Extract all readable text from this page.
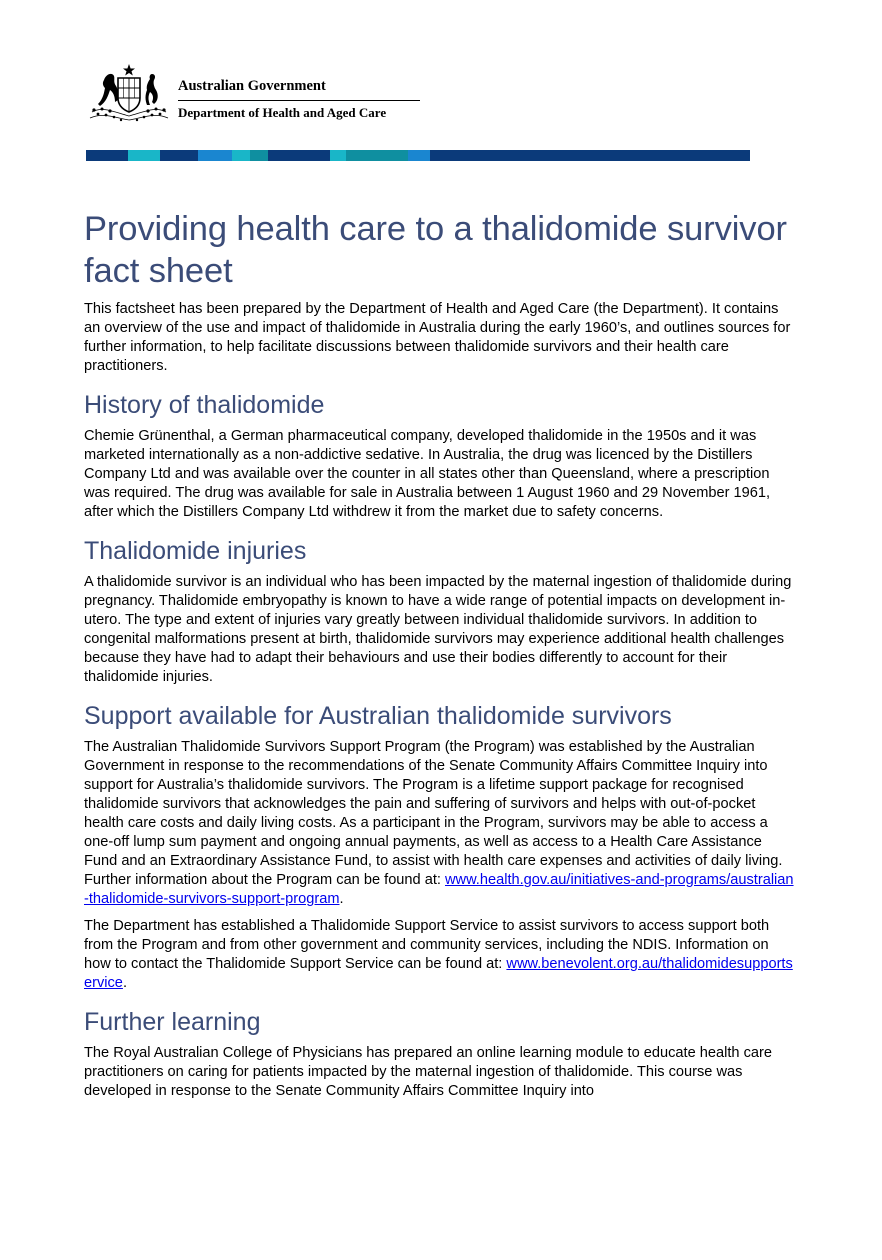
Australian Government
Department of Health and Aged Care
Providing health care to a thalidomide survivor fact sheet

This factsheet has been prepared by the Department of Health and Aged Care (the Department). It contains an overview of the use and impact of thalidomide in Australia during the early 1960’s, and outlines sources for further information, to help facilitate discussions between thalidomide survivors and their health care practitioners.

History of thalidomide

Chemie Grünenthal, a German pharmaceutical company, developed thalidomide in the 1950s and it was marketed internationally as a non-addictive sedative. In Australia, the drug was licenced by the Distillers Company Ltd and was available over the counter in all states other than Queensland, where a prescription was required. The drug was available for sale in Australia between 1 August 1960 and 29 November 1961, after which the Distillers Company Ltd withdrew it from the market due to safety concerns.

Thalidomide injuries

A thalidomide survivor is an individual who has been impacted by the maternal ingestion of thalidomide during pregnancy. Thalidomide embryopathy is known to have a wide range of potential impacts on development in-utero. The type and extent of injuries vary greatly between individual thalidomide survivors. In addition to congenital malformations present at birth, thalidomide survivors may experience additional health challenges because they have had to adapt their behaviours and use their bodies differently to account for their thalidomide injuries.

Support available for Australian thalidomide survivors

The Australian Thalidomide Survivors Support Program (the Program) was established by the Australian Government in response to the recommendations of the Senate Community Affairs Committee Inquiry into support for Australia’s thalidomide survivors. The Program is a lifetime support package for recognised thalidomide survivors that acknowledges the pain and suffering of survivors and helps with out-of-pocket health care costs and daily living costs. As a participant in the Program, survivors may be able to access a one-off lump sum payment and ongoing annual payments, as well as access to a Health Care Assistance Fund and an Extraordinary Assistance Fund, to assist with health care expenses and activities of daily living. Further information about the Program can be found at: www.health.gov.au/initiatives-and-programs/australian-thalidomide-survivors-support-program.

The Department has established a Thalidomide Support Service to assist survivors to access support both from the Program and from other government and community services, including the NDIS. Information on how to contact the Thalidomide Support Service can be found at: www.benevolent.org.au/thalidomidesupportservice.

Further learning

The Royal Australian College of Physicians has prepared an online learning module to educate health care practitioners on caring for patients impacted by the maternal ingestion of thalidomide. This course was developed in response to the Senate Community Affairs Committee Inquiry into
